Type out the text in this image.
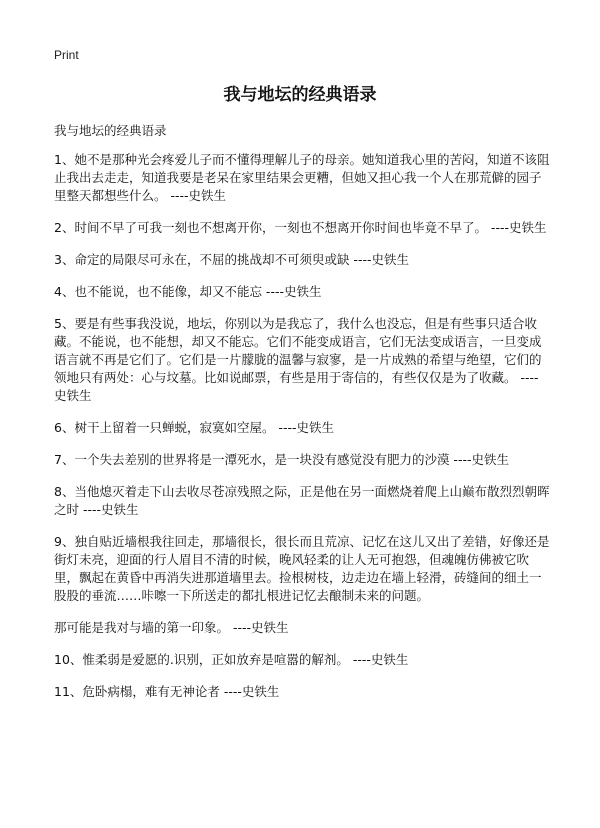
Print
我与地坛的经典语录

我与地坛的经典语录

1、她不是那种光会疼爱儿子而不懂得理解儿子的母亲。她知道我心里的苦闷，知道不该阻止我出去走走，知道我要是老呆在家里结果会更糟，但她又担心我一个人在那荒僻的园子里整天都想些什么。 ----史铁生

2、时间不早了可我一刻也不想离开你，一刻也不想离开你时间也毕竟不早了。 ----史铁生

3、命定的局限尽可永在，不屈的挑战却不可须臾或缺 ----史铁生

4、也不能说，也不能像，却又不能忘 ----史铁生

5、要是有些事我没说，地坛，你别以为是我忘了，我什么也没忘，但是有些事只适合收藏。不能说，也不能想，却又不能忘。它们不能变成语言，它们无法变成语言，一旦变成语言就不再是它们了。它们是一片朦胧的温馨与寂寥，是一片成熟的希望与绝望，它们的领地只有两处：心与坟墓。比如说邮票，有些是用于寄信的，有些仅仅是为了收藏。 ----史铁生

6、树干上留着一只蝉蜕，寂寞如空屋。 ----史铁生

7、一个失去差别的世界将是一潭死水，是一块没有感觉没有肥力的沙漠 ----史铁生

8、当他熄灭着走下山去收尽苍凉残照之际，正是他在另一面燃烧着爬上山巅布散烈烈朝晖之时 ----史铁生

9、独自贴近墙根我往回走，那墙很长，很长而且荒凉、记忆在这儿又出了差错，好像还是街灯未亮，迎面的行人眉目不清的时候，晚风轻柔的让人无可抱怨，但魂魄仿佛被它吹里，飘起在黄昏中再消失进那道墙里去。捡根树枝，边走边在墙上轻滑，砖缝间的细土一股股的垂流……咔嚓一下所送走的都扎根进记忆去酿制未来的问题。

那可能是我对与墙的第一印象。 ----史铁生

10、惟柔弱是爱愿的.识别，正如放弃是喧嚣的解剂。 ----史铁生

11、危卧病榻，难有无神论者 ----史铁生
